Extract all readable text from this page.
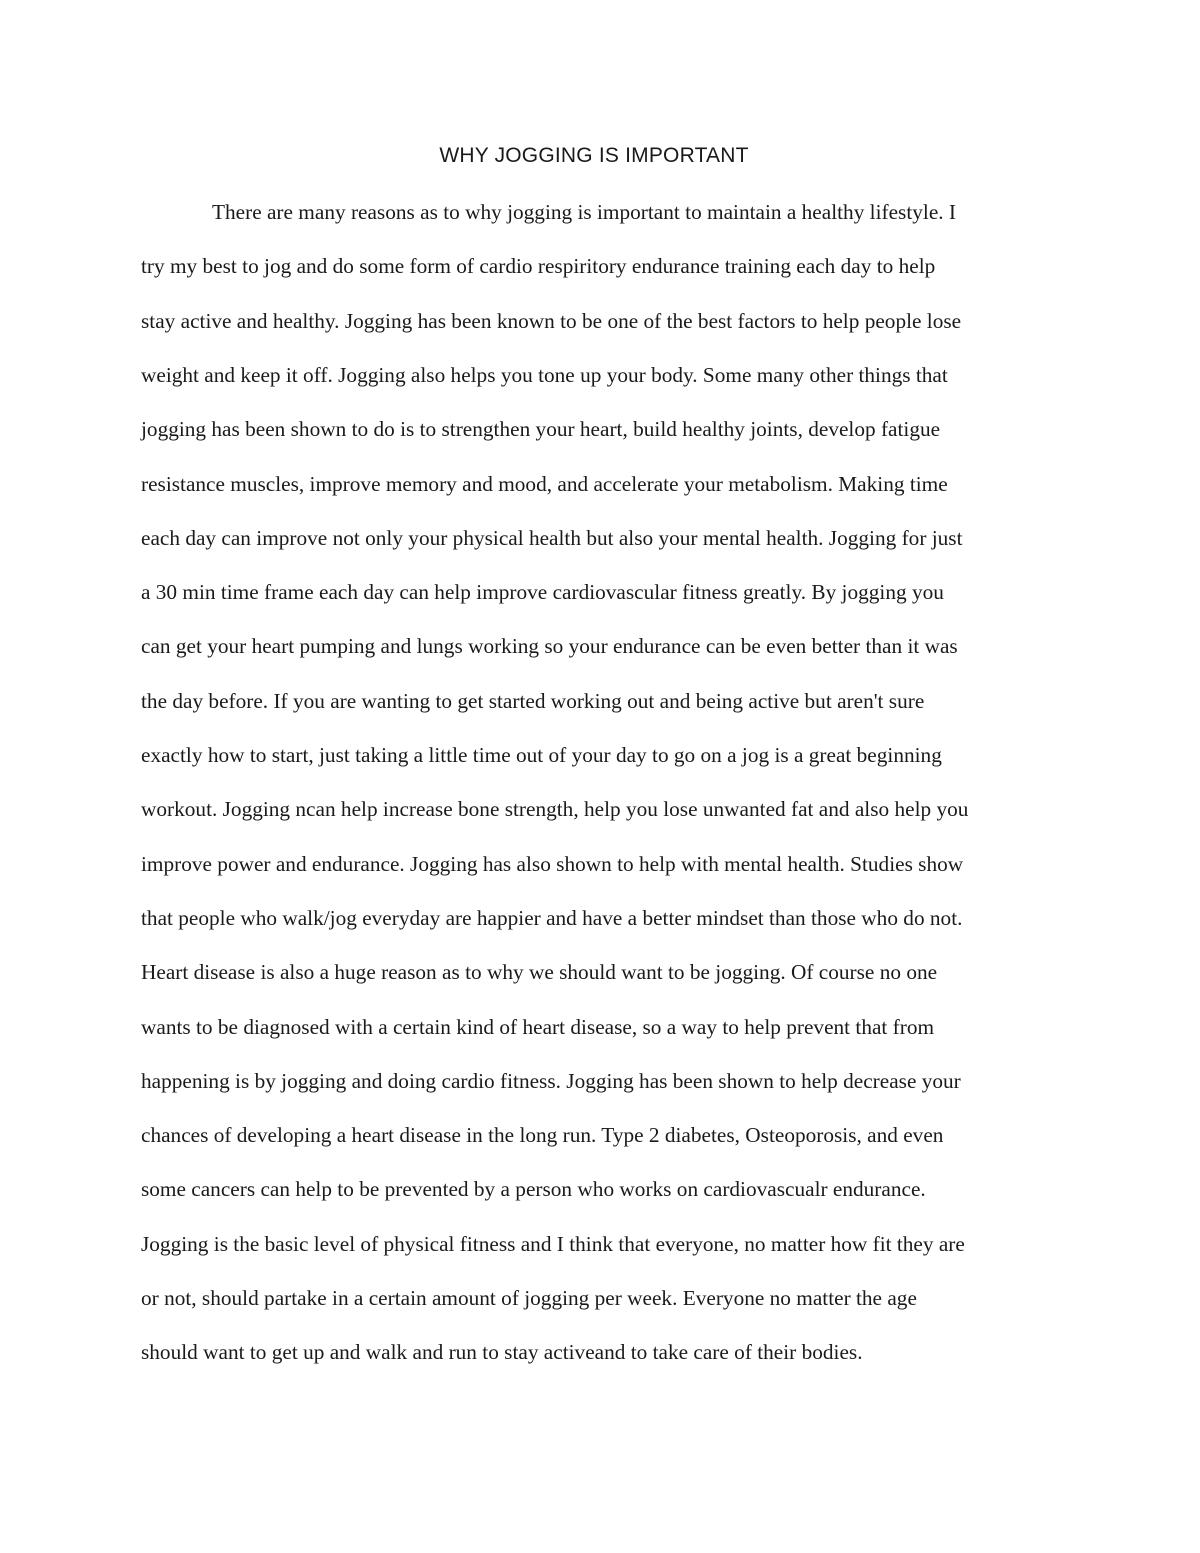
WHY JOGGING IS IMPORTANT
There are many reasons as to why jogging is important to maintain a healthy lifestyle. I
try my best to jog and do some form of cardio respiritory endurance training each day to help
stay active and healthy. Jogging has been known to be one of the best factors to help people lose
weight and keep it off. Jogging also helps you tone up your body. Some many other things that
jogging has been shown to do is to strengthen your heart, build healthy joints, develop fatigue
resistance muscles, improve memory and mood, and accelerate your metabolism. Making time
each day can improve not only your physical health but also your mental health. Jogging for just
a 30 min time frame each day can help improve cardiovascular fitness greatly. By jogging you
can get your heart pumping and lungs working so your endurance can be even better than it was
the day before. If you are wanting to get started working out and being active but aren't sure
exactly how to start, just taking a little time out of your day to go on a jog is a great beginning
workout. Jogging ncan help increase bone strength, help you lose unwanted fat and also help you
improve power and endurance. Jogging has also shown to help with mental health. Studies show
that people who walk/jog everyday are happier and have a better mindset than those who do not.
Heart disease is also a huge reason as to why we should want to be jogging. Of course no one
wants to be diagnosed with a certain kind of heart disease, so a way to help prevent that from
happening is by jogging and doing cardio fitness. Jogging has been shown to help decrease your
chances of developing a heart disease in the long run. Type 2 diabetes, Osteoporosis, and even
some cancers can help to be prevented by a person who works on cardiovascualr endurance.
Jogging is the basic level of physical fitness and I think that everyone, no matter how fit they are
or not, should partake in a certain amount of jogging per week. Everyone no matter the age
should want to get up and walk and run to stay activeand to take care of their bodies.
